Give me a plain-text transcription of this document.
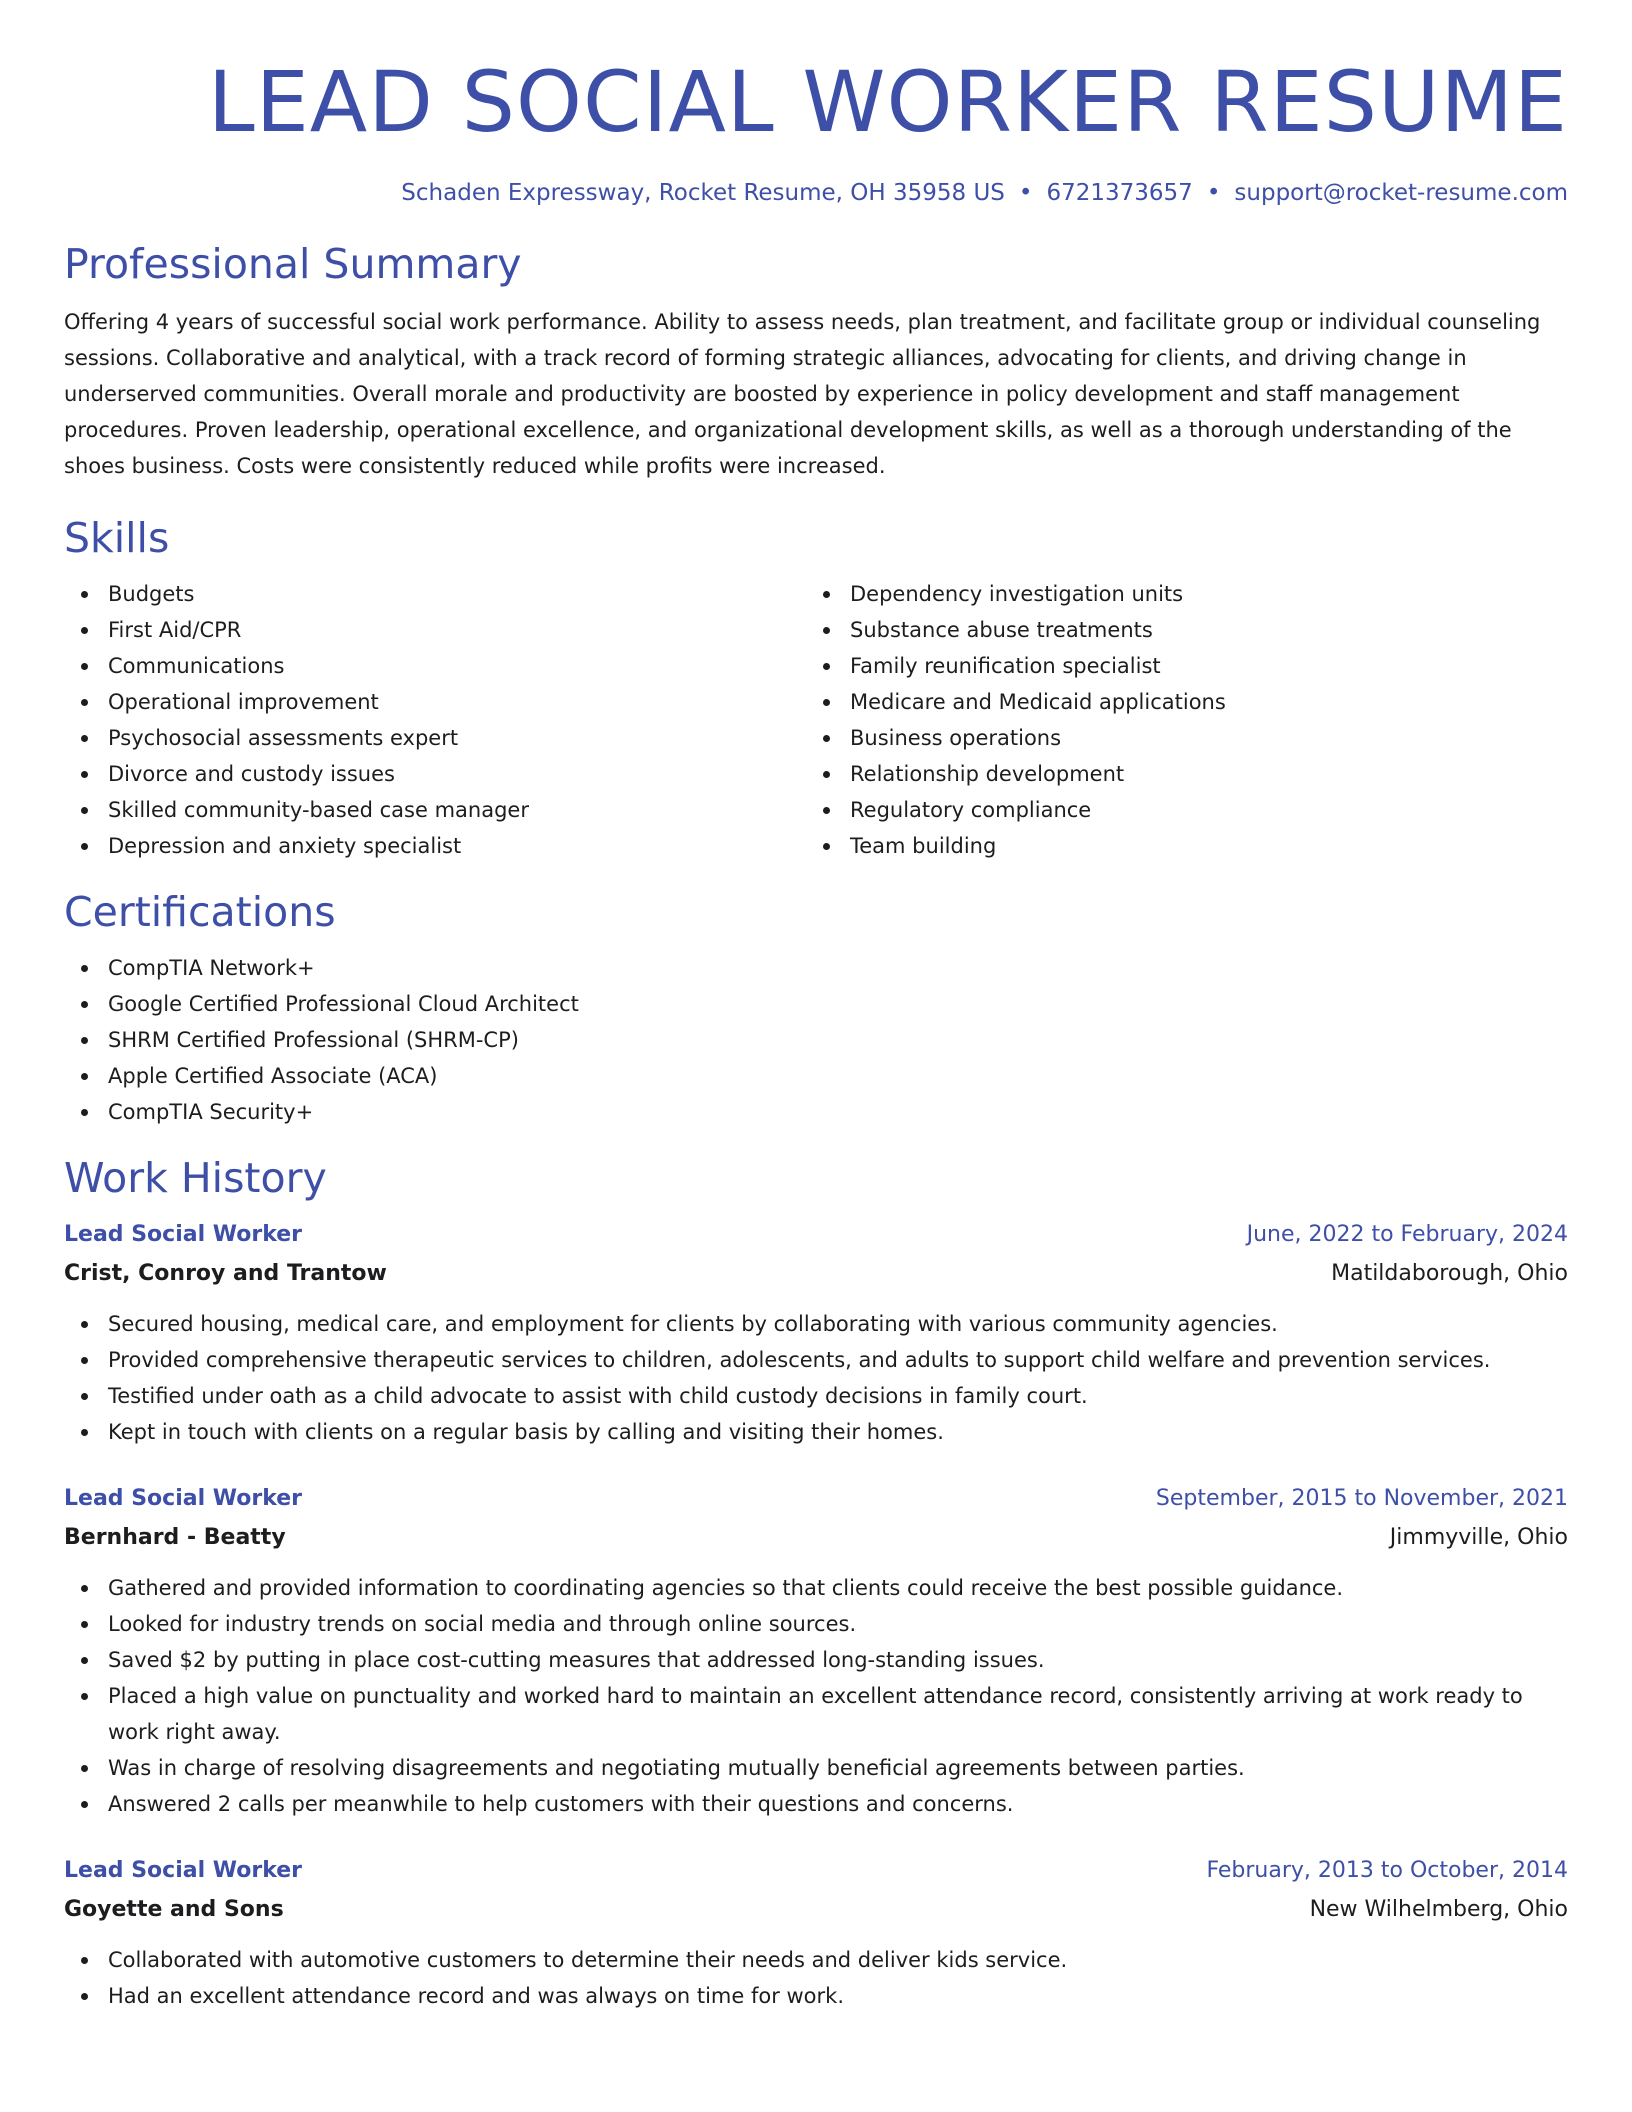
LEAD SOCIAL WORKER RESUME
Schaden Expressway, Rocket Resume, OH 35958 US • 6721373657 • support@rocket-resume.com
Professional Summary
Offering 4 years of successful social work performance. Ability to assess needs, plan treatment, and facilitate group or individual counseling sessions. Collaborative and analytical, with a track record of forming strategic alliances, advocating for clients, and driving change in underserved communities. Overall morale and productivity are boosted by experience in policy development and staff management procedures. Proven leadership, operational excellence, and organizational development skills, as well as a thorough understanding of the shoes business. Costs were consistently reduced while profits were increased.
Skills
Budgets
First Aid/CPR
Communications
Operational improvement
Psychosocial assessments expert
Divorce and custody issues
Skilled community-based case manager
Depression and anxiety specialist
Dependency investigation units
Substance abuse treatments
Family reunification specialist
Medicare and Medicaid applications
Business operations
Relationship development
Regulatory compliance
Team building
Certifications
CompTIA Network+
Google Certified Professional Cloud Architect
SHRM Certified Professional (SHRM-CP)
Apple Certified Associate (ACA)
CompTIA Security+
Work History
Lead Social Worker	June, 2022 to February, 2024
Crist, Conroy and Trantow	Matildaborough, Ohio
Secured housing, medical care, and employment for clients by collaborating with various community agencies.
Provided comprehensive therapeutic services to children, adolescents, and adults to support child welfare and prevention services.
Testified under oath as a child advocate to assist with child custody decisions in family court.
Kept in touch with clients on a regular basis by calling and visiting their homes.
Lead Social Worker	September, 2015 to November, 2021
Bernhard - Beatty	Jimmyville, Ohio
Gathered and provided information to coordinating agencies so that clients could receive the best possible guidance.
Looked for industry trends on social media and through online sources.
Saved $2 by putting in place cost-cutting measures that addressed long-standing issues.
Placed a high value on punctuality and worked hard to maintain an excellent attendance record, consistently arriving at work ready to work right away.
Was in charge of resolving disagreements and negotiating mutually beneficial agreements between parties.
Answered 2 calls per meanwhile to help customers with their questions and concerns.
Lead Social Worker	February, 2013 to October, 2014
Goyette and Sons	New Wilhelmberg, Ohio
Collaborated with automotive customers to determine their needs and deliver kids service.
Had an excellent attendance record and was always on time for work.
